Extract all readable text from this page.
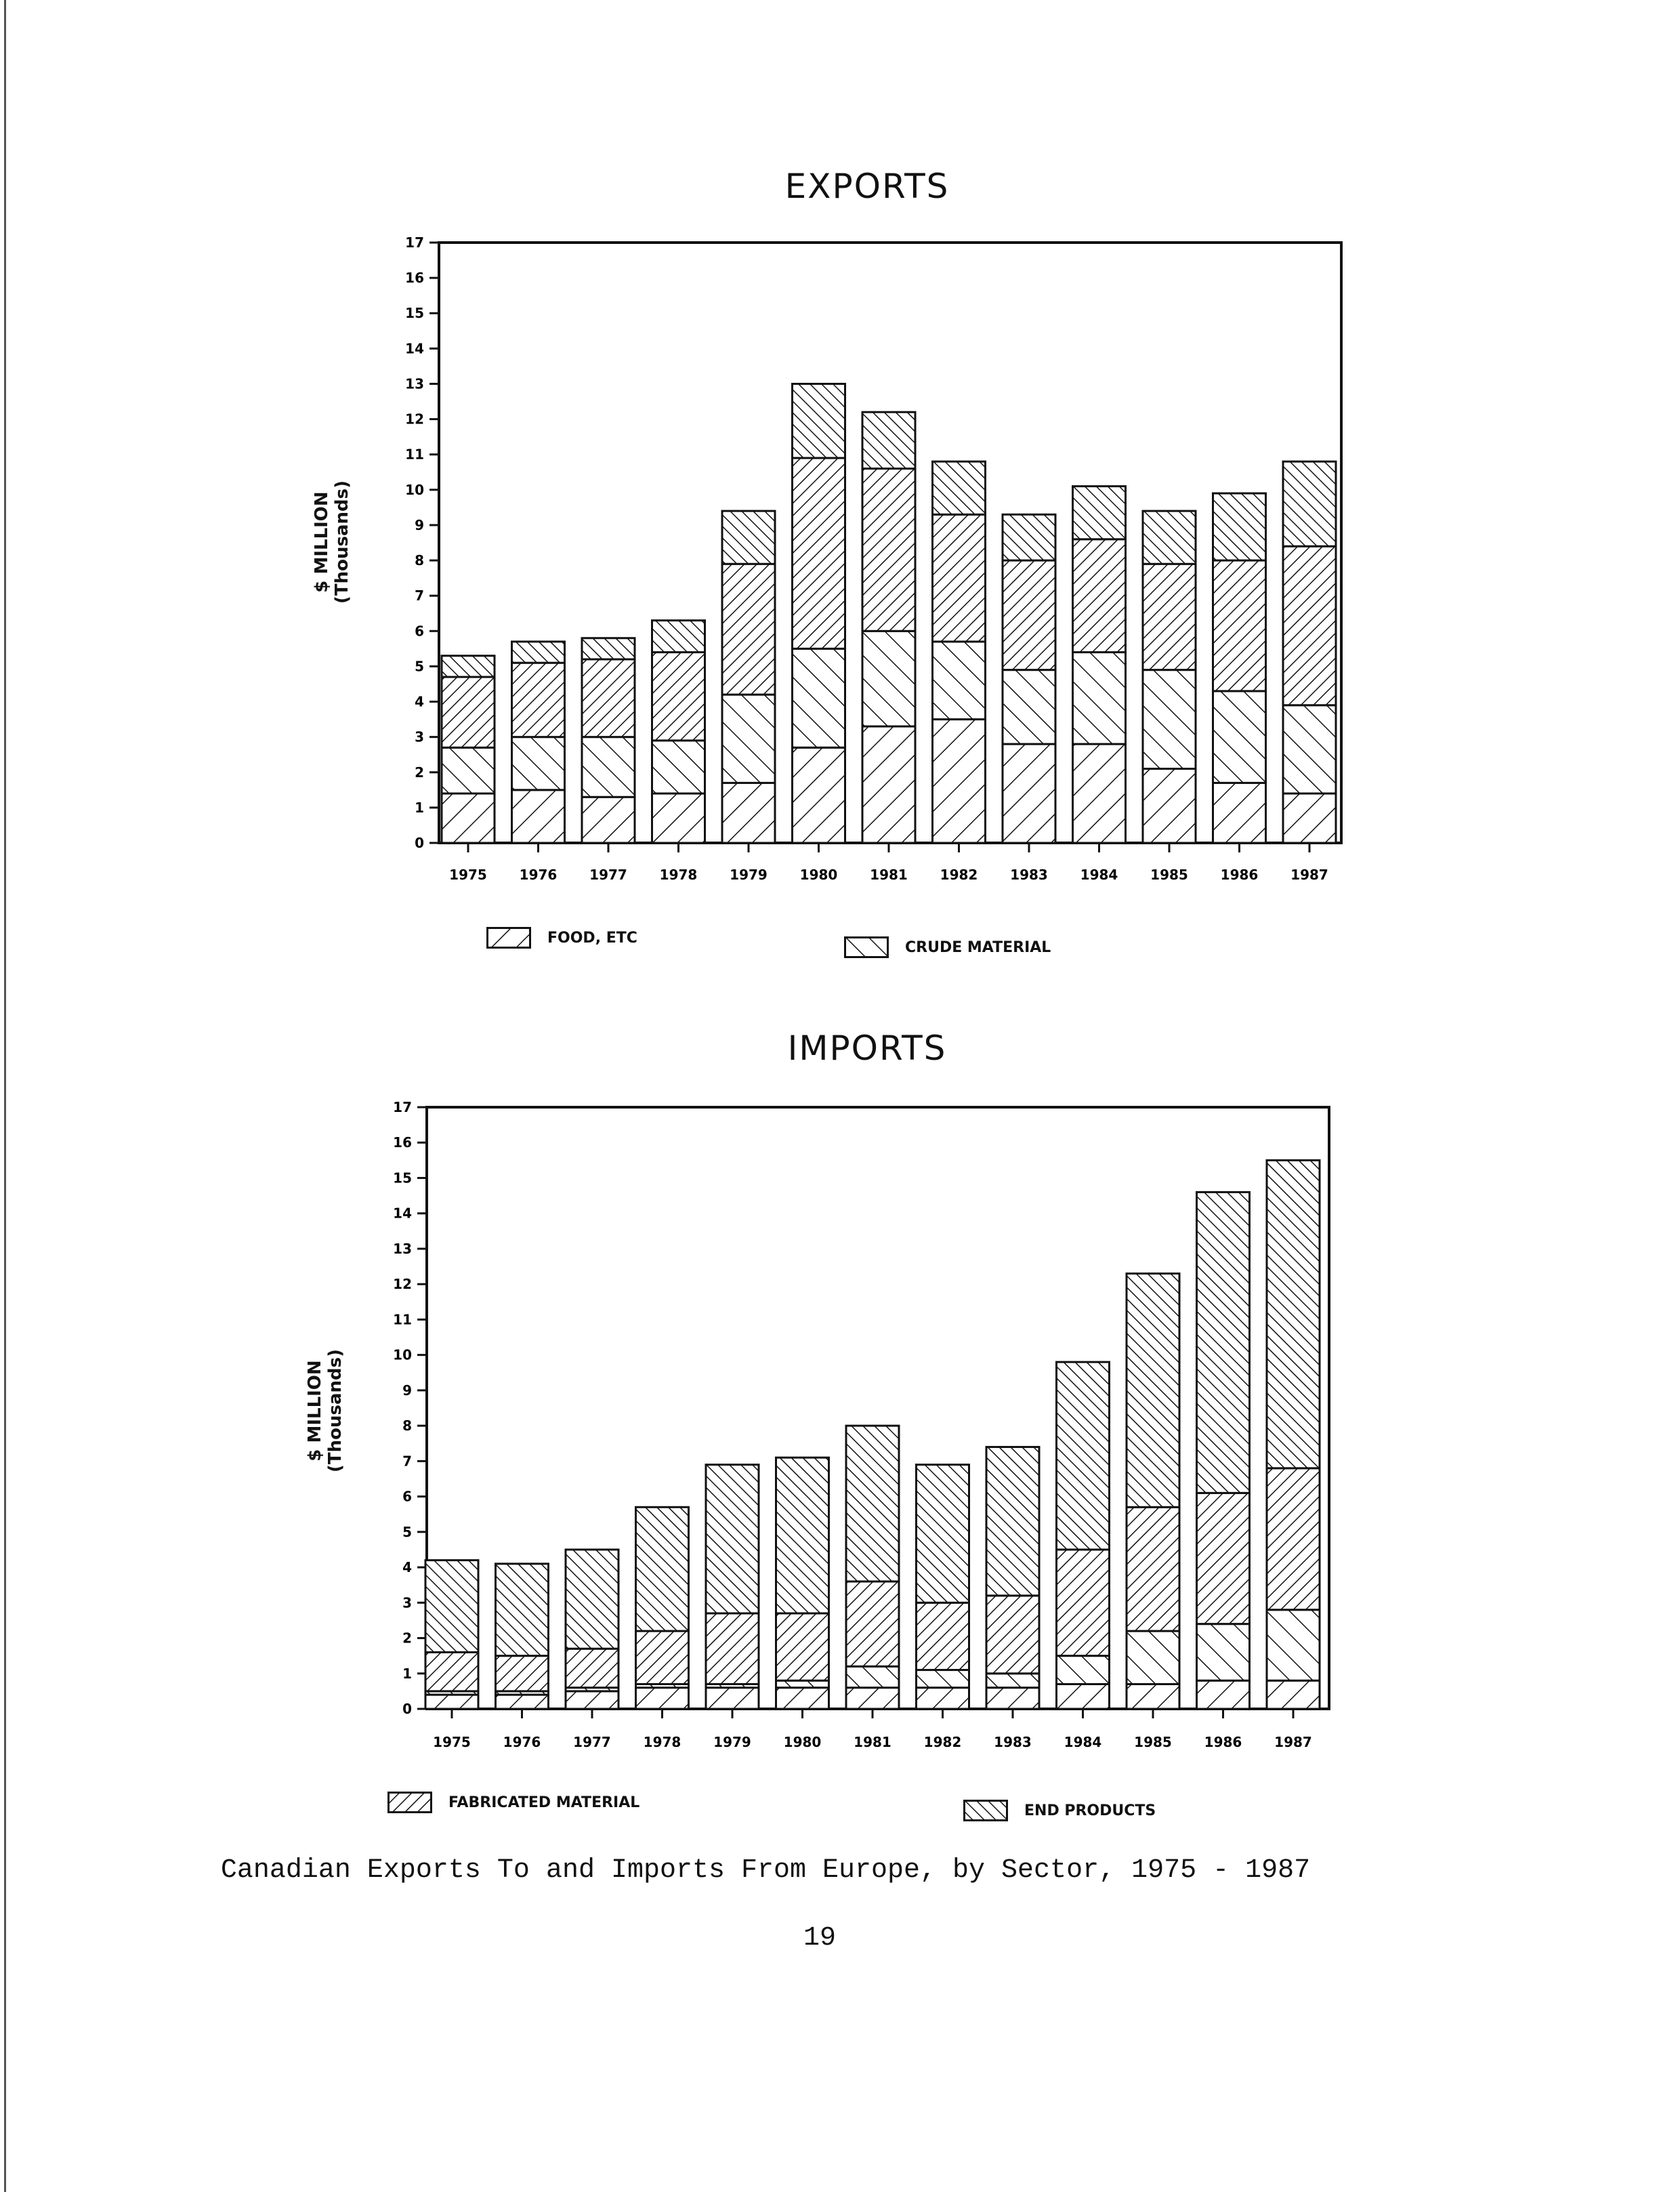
EXPORTS
IMPORTS
$ MILLION (Thousands)
$ MILLION (Thousands)
0
1
2
3
4
5
6
7
8
9
10
11
12
13
14
15
16
17
1975 1976 1977 1978 1979 1980 1981 1982 1983 1984 1985 1986 1987
0
1
2
3
4
5
6
7
8
9
10
11
12
13
14
15
16
17
1975 1976 1977 1978 1979 1980 1981 1982 1983 1984 1985 1986 1987
FOOD, ETC
CRUDE MATERIAL
FABRICATED MATERIAL	END PRODUCTS
Canadian Exports To and Imports From Europe, by Sector, 1975 - 1987
19
